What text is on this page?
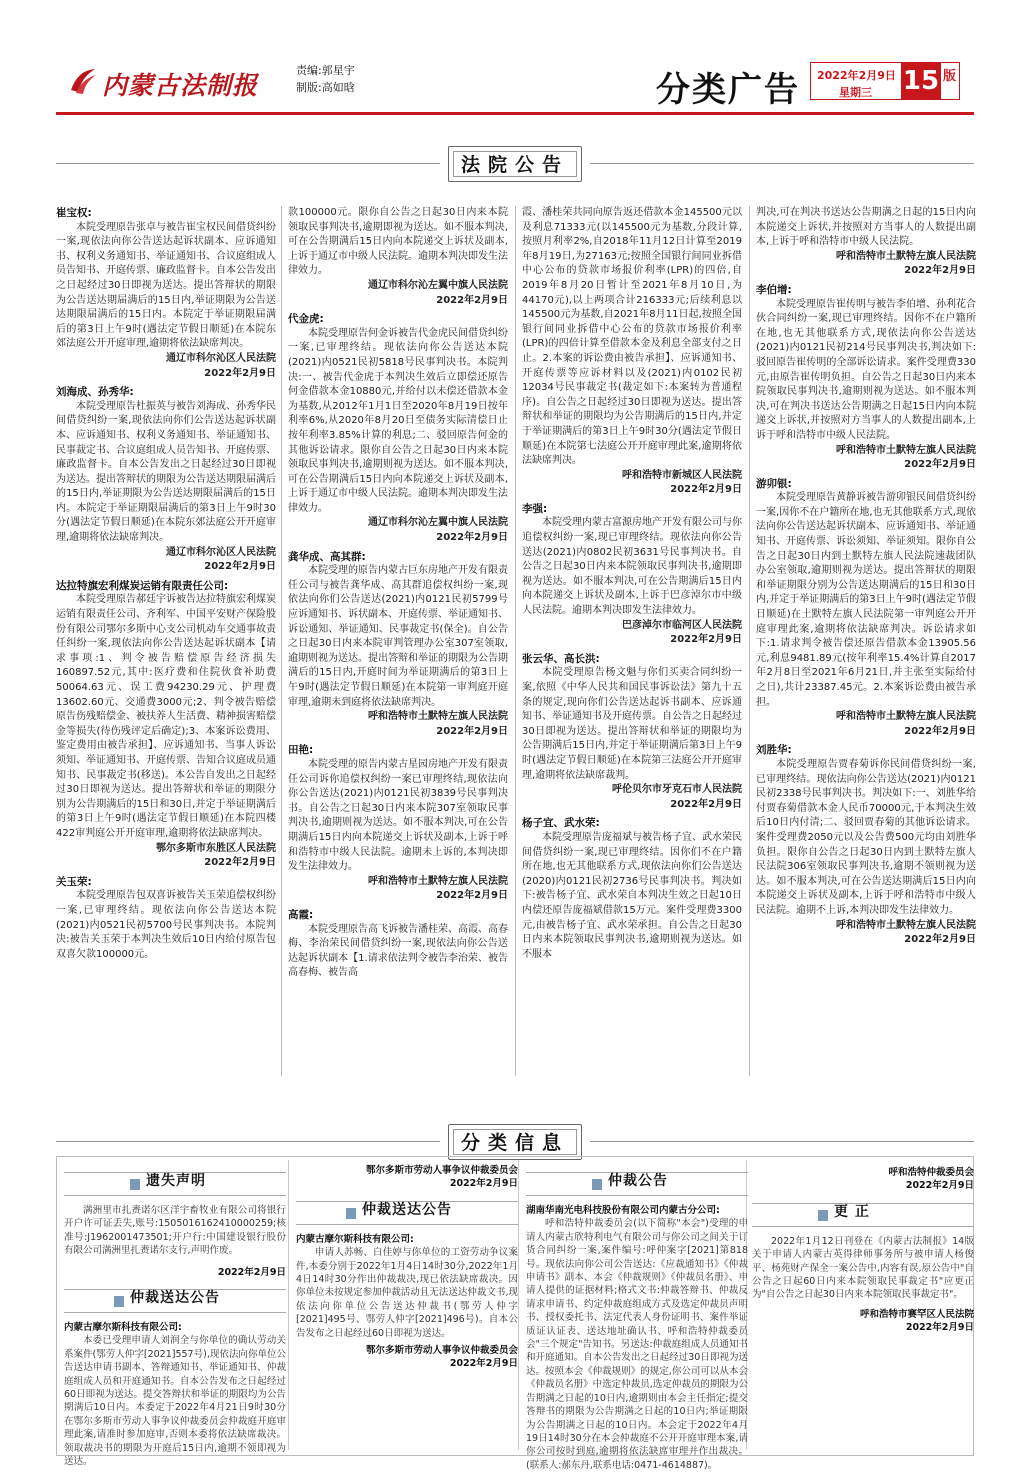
内蒙古法制报
责编:郭星宇
制版:高如晗	分类广告 2022年2月9日
星期三 15 版
法院公告
崔宝权:
本院受理原告张卓与被告崔宝权民间借贷纠纷一案,现依法向你公告送达起诉状副本、应诉通知书、权利义务通知书、举证通知书、合议庭组成人员告知书、开庭传票、廉政监督卡。自本公告发出之日起经过30日即视为送达。提出答辩状的期限为公告送达期届满后的15日内,举证期限为公告送达期限届满后的15日内。本院定于举证期限届满后的第3日上午9时(遇法定节假日顺延)在本院东郊法庭公开开庭审理,逾期将依法缺席判决。
通辽市科尔沁区人民法院
2022年2月9日
刘海成、孙秀华:
本院受理原告杜振英与被告刘海成、孙秀华民间借贷纠纷一案,现依法向你们公告送达起诉状副本、应诉通知书、权利义务通知书、举证通知书、民事裁定书、合议庭组成人员告知书、开庭传票、廉政监督卡。自本公告发出之日起经过30日即视为送达。提出答辩状的期限为公告送达期限届满后的15日内,举证期限为公告送达期限届满后的15日内。本院定于举证期限届满后的第3日上午9时30分(遇法定节假日顺延)在本院东郊法庭公开开庭审理,逾期将依法缺席判决。
通辽市科尔沁区人民法院
2022年2月9日
达拉特旗宏利煤炭运销有限责任公司:
本院受理原告郝廷宇诉被告达拉特旗宏利煤炭运销有限责任公司、齐利军、中国平安财产保险股份有限公司鄂尔多斯中心支公司机动车交通事故责任纠纷一案,现依法向你公告送达起诉状副本【请求事项:1、判令被告赔偿原告经济损失160897.52元,其中:医疗费和住院伙食补助费50064.63元、误工费94230.29元、护理费13602.60元、交通费3000元;2、判令被告赔偿原告伤残赔偿金、被扶养人生活费、精神损害赔偿金等损失(待伤残评定后确定);3、本案诉讼费用、鉴定费用由被告承担】、应诉通知书、当事人诉讼须知、举证通知书、开庭传票、告知合议庭成员通知书、民事裁定书(移送)。本公告自发出之日起经过30日即视为送达。提出答辩状和举证的期限分别为公告期满后的15日和30日,并定于举证期满后的第3日上午9时(遇法定节假日顺延)在本院四楼422审判庭公开开庭审理,逾期将依法缺席判决。
鄂尔多斯市东胜区人民法院
2022年2月9日
关玉荣:
本院受理原告包双喜诉被告关玉荣追偿权纠纷一案,已审理终结。现依法向你公告送达本院(2021)内0521民初5700号民事判决书。本院判决:被告关玉荣于本判决生效后10日内给付原告包双喜欠款100000元。
款100000元。限你自公告之日起30日内来本院领取民事判决书,逾期即视为送达。如不服本判决,可在公告期满后15日内向本院递交上诉状及副本,上诉于通辽市中级人民法院。逾期本判决即发生法律效力。
通辽市科尔沁左翼中旗人民法院
2022年2月9日
代金虎:
本院受理原告何金诉被告代金虎民间借贷纠纷一案,已审理终结。现依法向你公告送达本院(2021)内0521民初5818号民事判决书。本院判决:一、被告代金虎于本判决生效后立即偿还原告何金借款本金10880元,并给付以未偿还借款本金为基数,从2012年1月1日至2020年8月19日按年利率6%,从2020年8月20日至债务实际清偿日止按年利率3.85%计算的利息;二、驳回原告何金的其他诉讼请求。限你自公告之日起30日内来本院领取民事判决书,逾期则视为送达。如不服本判决,可在公告期满后15日内向本院递交上诉状及副本,上诉于通辽市中级人民法院。逾期本判决即发生法律效力。
通辽市科尔沁左翼中旗人民法院
2022年2月9日
龚华成、高其群:
本院受理的原告内蒙古巨东房地产开发有限责任公司与被告龚华成、高其群追偿权纠纷一案,现依法向你们公告送达(2021)内0121民初5799号应诉通知书、诉状副本、开庭传票、举证通知书、诉讼通知、举证通知、民事裁定书(保全)。自公告之日起30日内来本院审判管理办公室307室领取,逾期则视为送达。提出答辩和举证的期限为公告期满后的15日内,开庭时间为举证期满后的第3日上午9时(遇法定节假日顺延)在本院第一审判庭开庭审理,逾期未到庭将依法缺席判决。
呼和浩特市土默特左旗人民法院
2022年2月9日
田艳:
本院受理的原告内蒙古星园房地产开发有限责任公司诉你追偿权纠纷一案已审理终结,现依法向你公告送达(2021)内0121民初3839号民事判决书。自公告之日起30日内来本院307室领取民事判决书,逾期则视为送达。如不服本判决,可在公告期满后15日内向本院递交上诉状及副本,上诉于呼和浩特市中级人民法院。逾期未上诉的,本判决即发生法律效力。
呼和浩特市土默特左旗人民法院
2022年2月9日
高霞:
本院受理原告高飞诉被告潘桂荣、高霞、高春梅、李治荣民间借贷纠纷一案,现依法向你公告送达起诉状副本【1.请求依法判令被告李治荣、被告高春梅、被告高
霞、潘桂荣共同向原告返还借款本金145500元以及利息71333元(以145500元为基数,分段计算,按照月利率2%,自2018年11月12日计算至2019年8月19日,为27163元;按照全国银行间同业拆借中心公布的贷款市场报价利率(LPR)的四倍,自2019年8月20日暂计至2021年8月10日,为44170元),以上两项合计216333元;后续利息以145500元为基数,自2021年8月11日起,按照全国银行间同业拆借中心公布的贷款市场报价利率(LPR)的四倍计算至借款本金及利息全部支付之日止。2.本案的诉讼费由被告承担】、应诉通知书、开庭传票等应诉材料以及(2021)内0102民初12034号民事裁定书(裁定如下:本案转为普通程序)。自公告之日起经过30日即视为送达。提出答辩状和举证的期限均为公告期满后的15日内,并定于举证期满后的第3日上午9时30分(遇法定节假日顺延)在本院第七法庭公开开庭审理此案,逾期将依法缺席判决。
呼和浩特市新城区人民法院
2022年2月9日
李强:
本院受理内蒙古富源房地产开发有限公司与你追偿权纠纷一案,现已审理终结。现依法向你公告送达(2021)内0802民初3631号民事判决书。自公告之日起30日内来本院领取民事判决书,逾期即视为送达。如不服本判决,可在公告期满后15日内向本院递交上诉状及副本,上诉于巴彦淖尔市中级人民法院。逾期本判决即发生法律效力。
巴彦淖尔市临河区人民法院
2022年2月9日
张云华、高长洪:
本院受理原告杨文魁与你们买卖合同纠纷一案,依照《中华人民共和国民事诉讼法》第九十五条的规定,现向你们公告送达起诉书副本、应诉通知书、举证通知书及开庭传票。自公告之日起经过30日即视为送达。提出答辩状和举证的期限均为公告期满后15日内,并定于举证期满后第3日上午9时(遇法定节假日顺延)在本院第三法庭公开开庭审理,逾期将依法缺席裁判。
呼伦贝尔市牙克石市人民法院
2022年2月9日
杨子宜、武水荣:
本院受理原告庞福斌与被告杨子宜、武水荣民间借贷纠纷一案,现已审理终结。因你们不在户籍所在地,也无其他联系方式,现依法向你们公告送达(2020)内0121民初2736号民事判决书。判决如下:被告杨子宜、武水荣自本判决生效之日起10日内偿还原告庞福斌借款15万元。案件受理费3300元,由被告杨子宜、武水荣承担。自公告之日起30日内来本院领取民事判决书,逾期则视为送达。如不服本
判决,可在判决书送达公告期满之日起的15日内向本院递交上诉状,并按照对方当事人的人数提出副本,上诉于呼和浩特市中级人民法院。
呼和浩特市土默特左旗人民法院
2022年2月9日
李伯增:
本院受理原告崔传明与被告李伯增、孙利花合伙合同纠纷一案,现已审理终结。因你不在户籍所在地,也无其他联系方式,现依法向你公告送达(2021)内0121民初214号民事判决书,判决如下:驳回原告崔传明的全部诉讼请求。案件受理费330元,由原告崔传明负担。自公告之日起30日内来本院领取民事判决书,逾期则视为送达。如不服本判决,可在判决书送达公告期满之日起15日内向本院递交上诉状,并按照对方当事人的人数提出副本,上诉于呼和浩特市中级人民法院。
呼和浩特市土默特左旗人民法院
2022年2月9日
游卯银:
本院受理原告黄静诉被告游卯银民间借贷纠纷一案,因你不在户籍所在地,也无其他联系方式,现依法向你公告送达起诉状副本、应诉通知书、举证通知书、开庭传票、诉讼须知、举证须知。限你自公告之日起30日内到土默特左旗人民法院速裁团队办公室领取,逾期则视为送达。提出答辩状的期限和举证期限分别为公告送达期满后的15日和30日内,并定于举证期满后的第3日上午9时(遇法定节假日顺延)在土默特左旗人民法院第一审判庭公开开庭审理此案,逾期将依法缺席判决。诉讼请求如下:1.请求判令被告偿还原告借款本金13905.56元,利息9481.89元(按年利率15.4%计算自2017年2月8日至2021年6月21日,并主张至实际给付之日),共计23387.45元。2.本案诉讼费由被告承担。
呼和浩特市土默特左旗人民法院
2022年2月9日
刘胜华:
本院受理原告贾春菊诉你民间借贷纠纷一案,已审理终结。现依法向你公告送达(2021)内0121民初2338号民事判决书。判决如下:一、刘胜华给付贾春菊借款本金人民币70000元,于本判决生效后10日内付清;二、驳回贾春菊的其他诉讼请求。案件受理费2050元以及公告费500元均由刘胜华负担。限你自公告之日起30日内到土默特左旗人民法院306室领取民事判决书,逾期不领则视为送达。如不服本判决,可在公告送达期满后15日内向本院递交上诉状及副本,上诉于呼和浩特市中级人民法院。逾期不上诉,本判决即发生法律效力。
呼和浩特市土默特左旗人民法院
2022年2月9日
分类信息
遗失声明
满洲里市扎赉诺尔区洋宇畜牧业有限公司将银行开户许可证丢失,账号:1505016162410000259;核准号:J1962001473501;开户行:中国建设银行股份有限公司满洲里扎赉诺尔支行,声明作废。
2022年2月9日
仲裁送达公告
内蒙古摩尔斯科技有限公司:
本委已受理申请人刘润全与你单位的确认劳动关系案件(鄂劳人仲字[2021]557号),现依法向你单位公告送达申请书副本、答辩通知书、举证通知书、仲裁庭组成人员和开庭通知书。自本公告发布之日起经过60日即视为送达。提交答辩状和举证的期限均为公告期满后10日内。本委定于2022年4月21日9时30分在鄂尔多斯市劳动人事争议仲裁委员会仲裁庭开庭审理此案,请准时参加庭审,否则本委将依法缺席裁决。领取裁决书的期限为开庭后15日内,逾期不领即视为送达。
鄂尔多斯市劳动人事争议仲裁委员会
2022年2月9日
仲裁送达公告
内蒙古摩尔斯科技有限公司:
申请人苏畅、白佳婷与你单位的工资劳动争议案件,本委分别于2022年1月4日14时30分,2022年1月4日14时30分作出仲裁裁决,现已依法缺席裁决。因你单位未按规定参加仲裁活动且无法送达仲裁文书,现依法向你单位公告送达仲裁书(鄂劳人仲字[2021]495号、鄂劳人仲字[2021]496号)。自本公告发布之日起经过60日即视为送达。
鄂尔多斯市劳动人事争议仲裁委员会
2022年2月9日
仲裁公告
湖南华南光电科技股份有限公司内蒙古分公司:
呼和浩特仲裁委员会(以下简称"本会")受理的申请人内蒙古欣特利电气有限公司与你公司之间关于订货合同纠纷一案,案件编号:呼仲案字[2021]第818号。现依法向你公司公告送达:《应裁通知书》《仲裁申请书》副本、本会《仲裁规则》《仲裁员名册》、申请人提供的证据材料;格式文书:仲裁答辩书、仲裁反请求申请书、约定仲裁庭组成方式及选定仲裁员声明书、授权委托书、法定代表人身份证明书、案件举证质证认证表、送达地址确认书、呼和浩特仲裁委员会"三个规定"告知书。另送达:仲裁庭组成人员通知书和开庭通知。自本公告发出之日起经过30日即视为送达。按照本会《仲裁规则》的规定,你公司可以从本会《仲裁员名册》中选定仲裁员,选定仲裁员的期限为公告期满之日起的10日内,逾期则由本会主任指定;提交答辩书的期限为公告期满之日起的10日内;举证期限为公告期满之日起的10日内。本会定于2022年4月19日14时30分在本会仲裁庭不公开开庭审理本案,请你公司按时到庭,逾期将依法缺席审理并作出裁决。(联系人:郝东丹,联系电话:0471-4614887)。
呼和浩特仲裁委员会
2022年2月9日
更 正
2022年1月12日刊登在《内蒙古法制报》14版关于申请人内蒙古英得律师事务所与被申请人杨俊平、杨苑财产保全一案公告中,内容有误,原公告中"自公告之日起60日内来本院领取民事裁定书"应更正为"自公告之日起30日内来本院领取民事裁定书"。
呼和浩特市赛罕区人民法院
2022年2月9日
